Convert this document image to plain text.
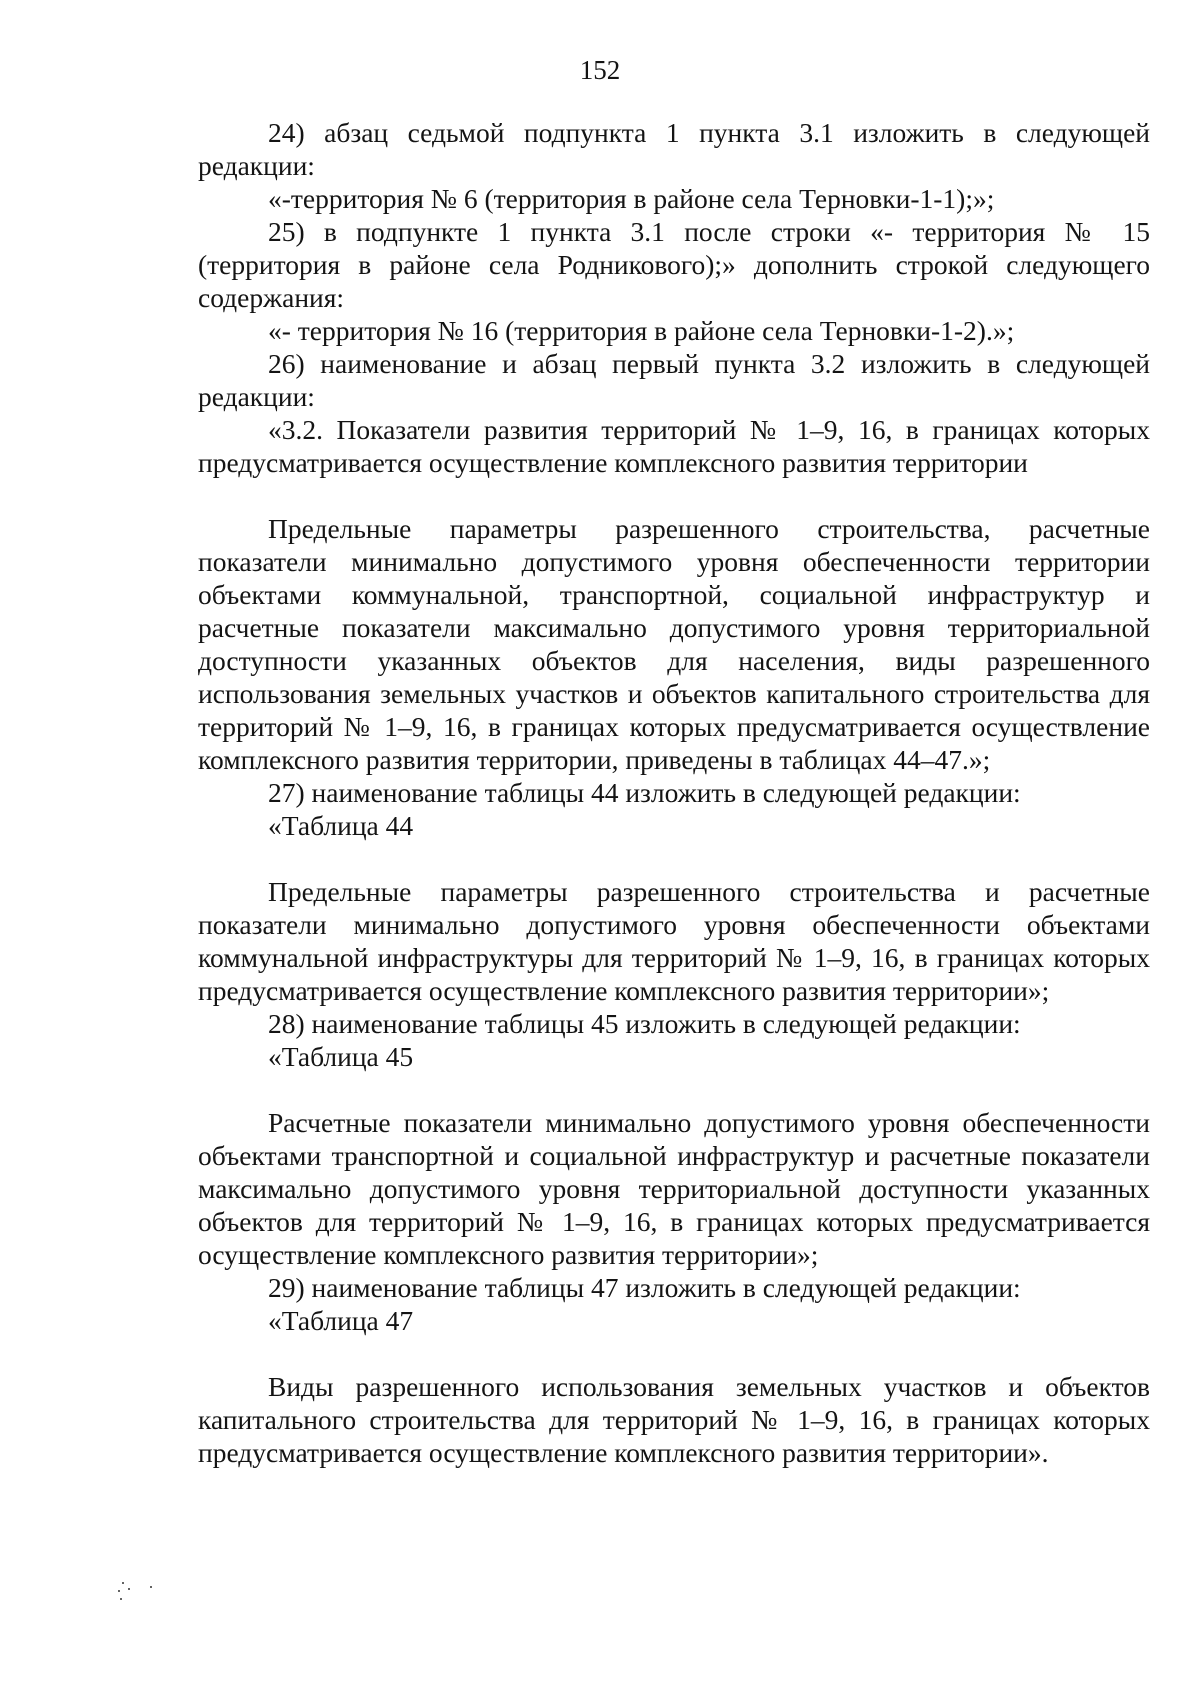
152

24) абзац седьмой подпункта 1 пункта 3.1 изложить в следующей редакции:

«-территория № 6 (территория в районе села Терновки-1-1);»;

25) в подпункте 1 пункта 3.1 после строки «- территория № 15 (территория в районе села Родникового);» дополнить строкой следующего содержания:

«- территория № 16 (территория в районе села Терновки-1-2).»;

26) наименование и абзац первый пункта 3.2 изложить в следующей редакции:

«3.2. Показатели развития территорий № 1–9, 16, в границах которых предусматривается осуществление комплексного развития территории

Предельные параметры разрешенного строительства, расчетные показатели минимально допустимого уровня обеспеченности территории объектами коммунальной, транспортной, социальной инфраструктур и расчетные показатели максимально допустимого уровня территориальной доступности указанных объектов для населения, виды разрешенного использования земельных участков и объектов капитального строительства для территорий № 1–9, 16, в границах которых предусматривается осуществление комплексного развития территории, приведены в таблицах 44–47.»;

27) наименование таблицы 44 изложить в следующей редакции:

«Таблица 44

Предельные параметры разрешенного строительства и расчетные показатели минимально допустимого уровня обеспеченности объектами коммунальной инфраструктуры для территорий № 1–9, 16, в границах которых предусматривается осуществление комплексного развития территории»;

28) наименование таблицы 45 изложить в следующей редакции:

«Таблица 45

Расчетные показатели минимально допустимого уровня обеспеченности объектами транспортной и социальной инфраструктур и расчетные показатели максимально допустимого уровня территориальной доступности указанных объектов для территорий № 1–9, 16, в границах которых предусматривается осуществление комплексного развития территории»;

29) наименование таблицы 47 изложить в следующей редакции:

«Таблица 47

Виды разрешенного использования земельных участков и объектов капитального строительства для территорий № 1–9, 16, в границах которых предусматривается осуществление комплексного развития территории».
